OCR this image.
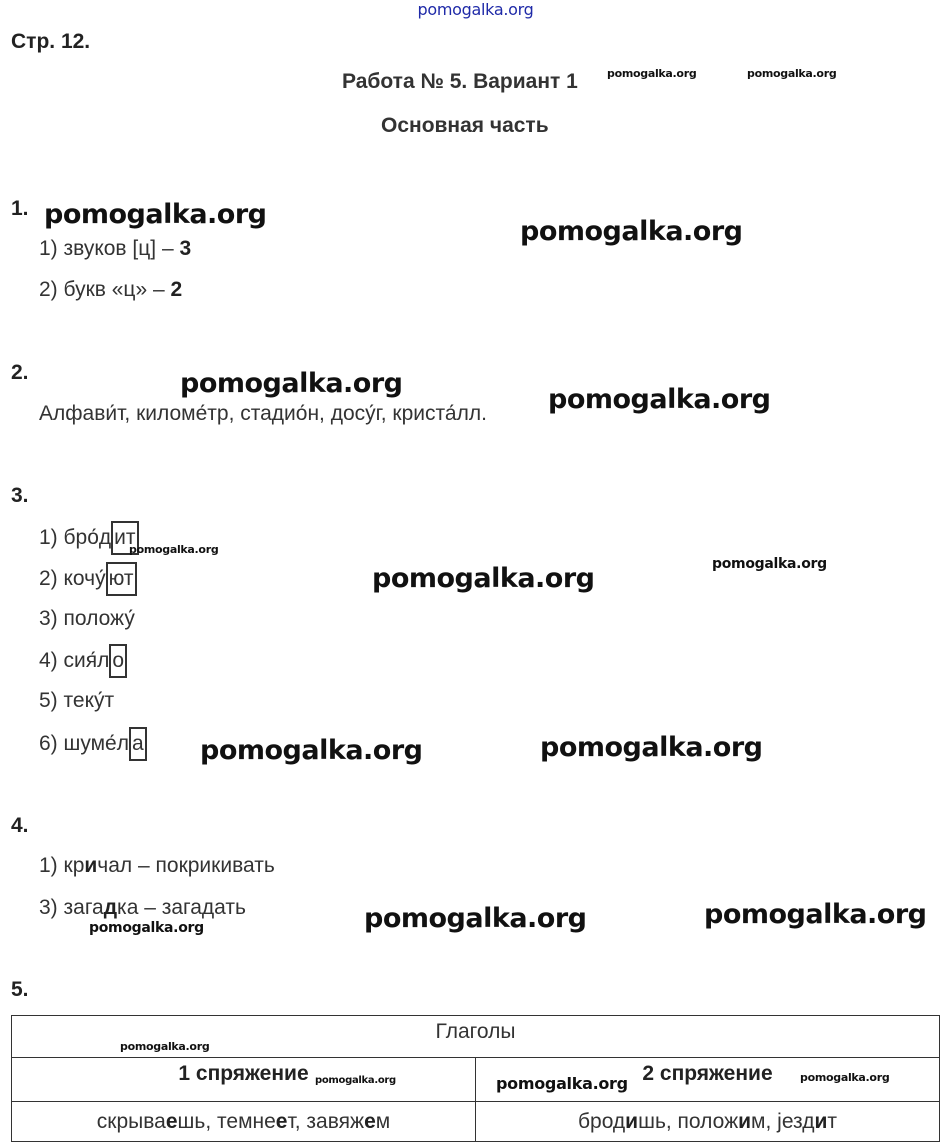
pomogalka.org
Стр. 12.
Работа № 5. Вариант 1
Основная часть
pomogalka.org	pomogalka.org
1. pomogalka.org
pomogalka.org
1) звуков [ц] – 3
2) букв «ц» – 2
2.	pomogalka.org
Алфави́т, киломе́тр, стадио́н, досу́г, криста́лл. pomogalka.org
3.
1) бро́д ит
pomogalka.org
2) кочу́ ют	pomogalka.org	pomogalka.org
3) положу́
4) сия́л о
5) теку́т
6) шуме́л а pomogalka.org	pomogalka.org
4.
1) кричал – покрикивать
3) загадка – загадать
pomogalka.org	pomogalka.org	pomogalka.org
5.
Глаголы	
1 спряжение	2 спряжение
скрываешь, темнеет, завяжем	бродишь, положим, јездит
pomogalka.org
pomogalka.org	pomogalka.org	pomogalka.org
